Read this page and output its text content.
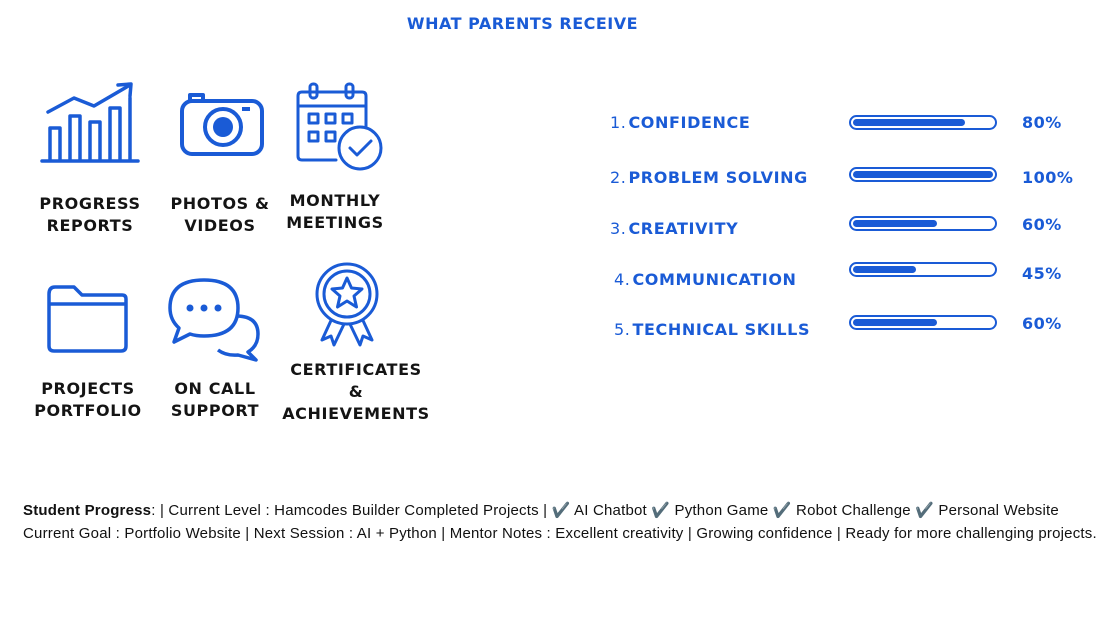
WHAT PARENTS RECEIVE
PROGRESS
REPORTS
PHOTOS &
VIDEOS
MONTHLY
MEETINGS
PROJECTS
PORTFOLIO
ON CALL
SUPPORT
CERTIFICATES
&
ACHIEVEMENTS
1. CONFIDENCE	80%
2. PROBLEM SOLVING	100%
3. CREATIVITY	60%
4. COMMUNICATION	45%
5. TECHNICAL SKILLS	60%
Student Progress: | Current Level : Hamcodes Builder Completed Projects | ✔️ AI Chatbot ✔️ Python Game ✔️ Robot Challenge ✔️ Personal Website Current Goal : Portfolio Website | Next Session : AI + Python | Mentor Notes : Excellent creativity | Growing confidence | Ready for more challenging projects.
